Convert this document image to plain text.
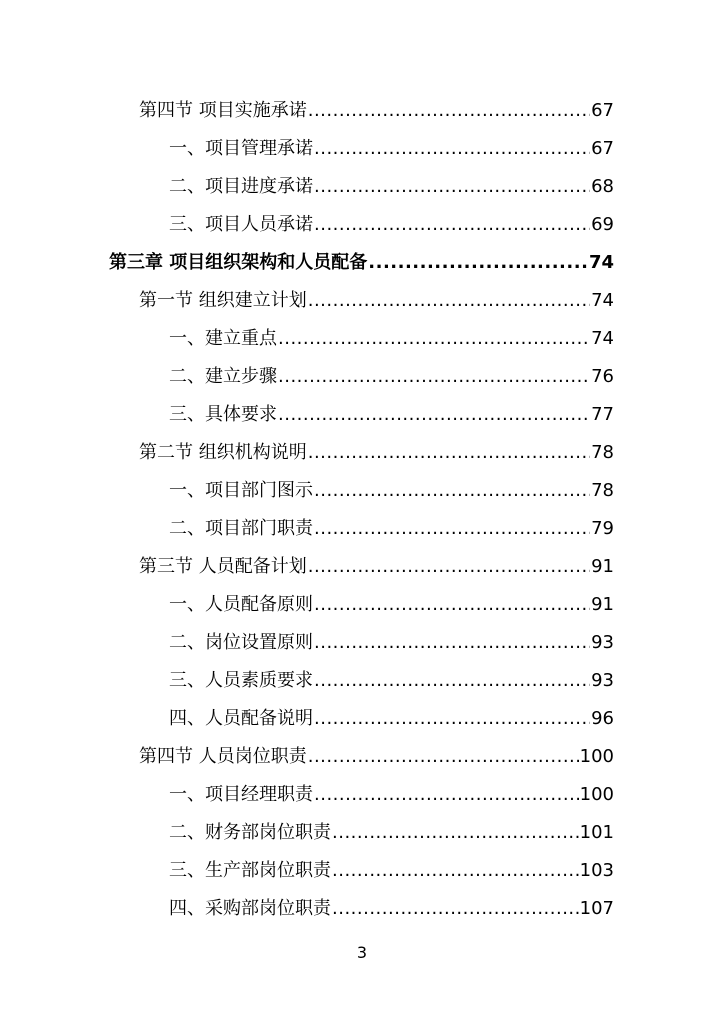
第四节 项目实施承诺 .....	67
一、项目管理承诺 .....	67
二、项目进度承诺 .....	68
三、项目人员承诺 .....	69
第三章 项目组织架构和人员配备 .....	74
第一节 组织建立计划 .....	74
一、建立重点 .....	74
二、建立步骤 .....	76
三、具体要求 .....	77
第二节 组织机构说明 .....	78
一、项目部门图示 .....	78
二、项目部门职责 .....	79
第三节 人员配备计划 .....	91
一、人员配备原则 .....	91
二、岗位设置原则 .....	93
三、人员素质要求 .....	93
四、人员配备说明 .....	96
第四节 人员岗位职责 .....	100
一、项目经理职责 .....	100
二、财务部岗位职责 .....	101
三、生产部岗位职责 .....	103
四、采购部岗位职责 .....	107
3
